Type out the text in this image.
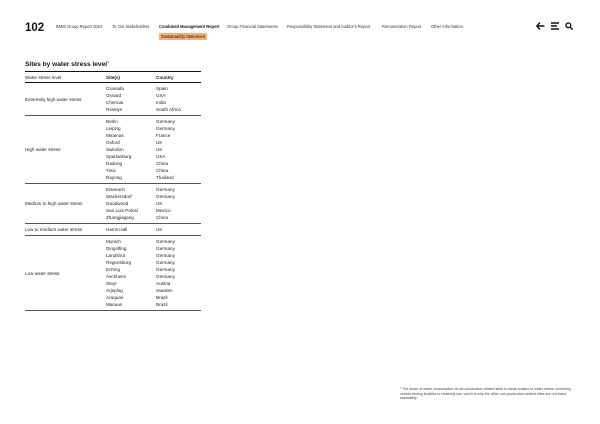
102	BMW Group Report 2024 To Our Stakeholders Combined Management Report Group Financial Statements Responsibility Statement and Auditor's Report	Remuneration Report Other Information
Sustainability Statement
Sites by water stress level$^1$
Water stress level	Site(s)	Country
Extremely high water stress
Granada	Spain
Oxnard	USA
Chennai	India
Rosslyn	South Africa
High water stress
Berlin	Germany
Leipzig	Germany
Miramas	France
Oxford	UK
Swindon	UK
Spartanburg	USA
Dadong	China
Tiexi	China
Rayong	Thailand
Medium to high water stress
Eisenach	Germany
Wackersdorf	Germany
Goodwood	UK
San Luis Potosí	Mexico
Zhangjiagang	China
Low to medium water stress	Hams Hall	UK
Low water stress
Munich	Germany
Dingolfing	Germany
Landshut	Germany
Regensburg	Germany
Eching	Germany
Aschheim	Germany
Steyr	Austria
Arjeplog	Sweden
Araquari	Brazil
Manaus	Brazil
¹ The share of water consumption at non-production-related sites in areas subject to water stress, excluding vehicle testing facilities is relatively low, which is why the other non-production-related sites are not listed separately.
